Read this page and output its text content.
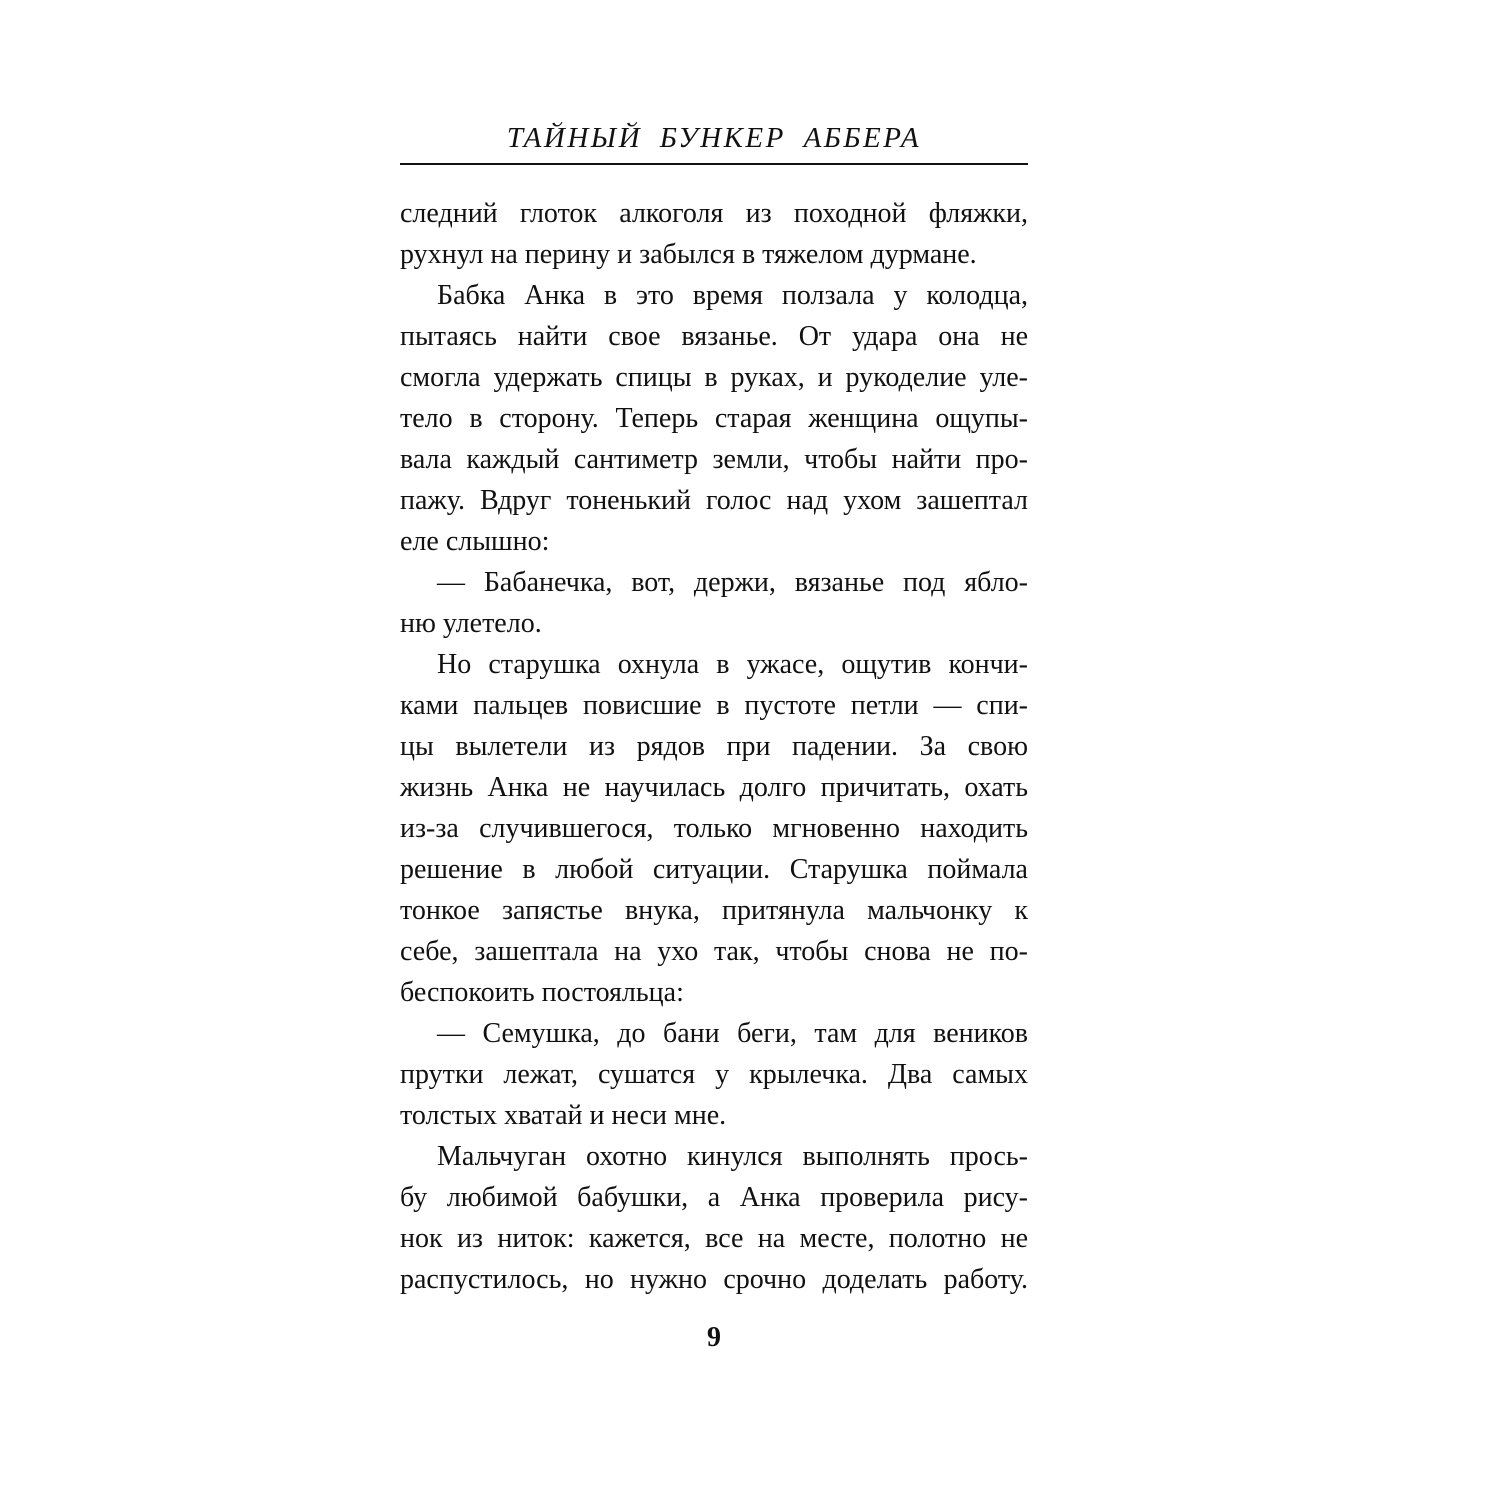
ТАЙНЫЙ БУНКЕР АББЕРА
следний глоток алкоголя из походной фляжки,
рухнул на перину и забылся в тяжелом дурмане.
Бабка Анка в это время ползала у колодца,
пытаясь найти свое вязанье. От удара она не
смогла удержать спицы в руках, и рукоделие уле-
тело в сторону. Теперь старая женщина ощупы-
вала каждый сантиметр земли, чтобы найти про-
пажу. Вдруг тоненький голос над ухом зашептал
еле слышно:
— Бабанечка, вот, держи, вязанье под ябло-
ню улетело.
Но старушка охнула в ужасе, ощутив кончи-
ками пальцев повисшие в пустоте петли — спи-
цы вылетели из рядов при падении. За свою
жизнь Анка не научилась долго причитать, охать
из-за случившегося, только мгновенно находить
решение в любой ситуации. Старушка поймала
тонкое запястье внука, притянула мальчонку к
себе, зашептала на ухо так, чтобы снова не по-
беспокоить постояльца:
— Семушка, до бани беги, там для веников
прутки лежат, сушатся у крылечка. Два самых
толстых хватай и неси мне.
Мальчуган охотно кинулся выполнять прось-
бу любимой бабушки, а Анка проверила рису-
нок из ниток: кажется, все на месте, полотно не
распустилось, но нужно срочно доделать работу.
9
